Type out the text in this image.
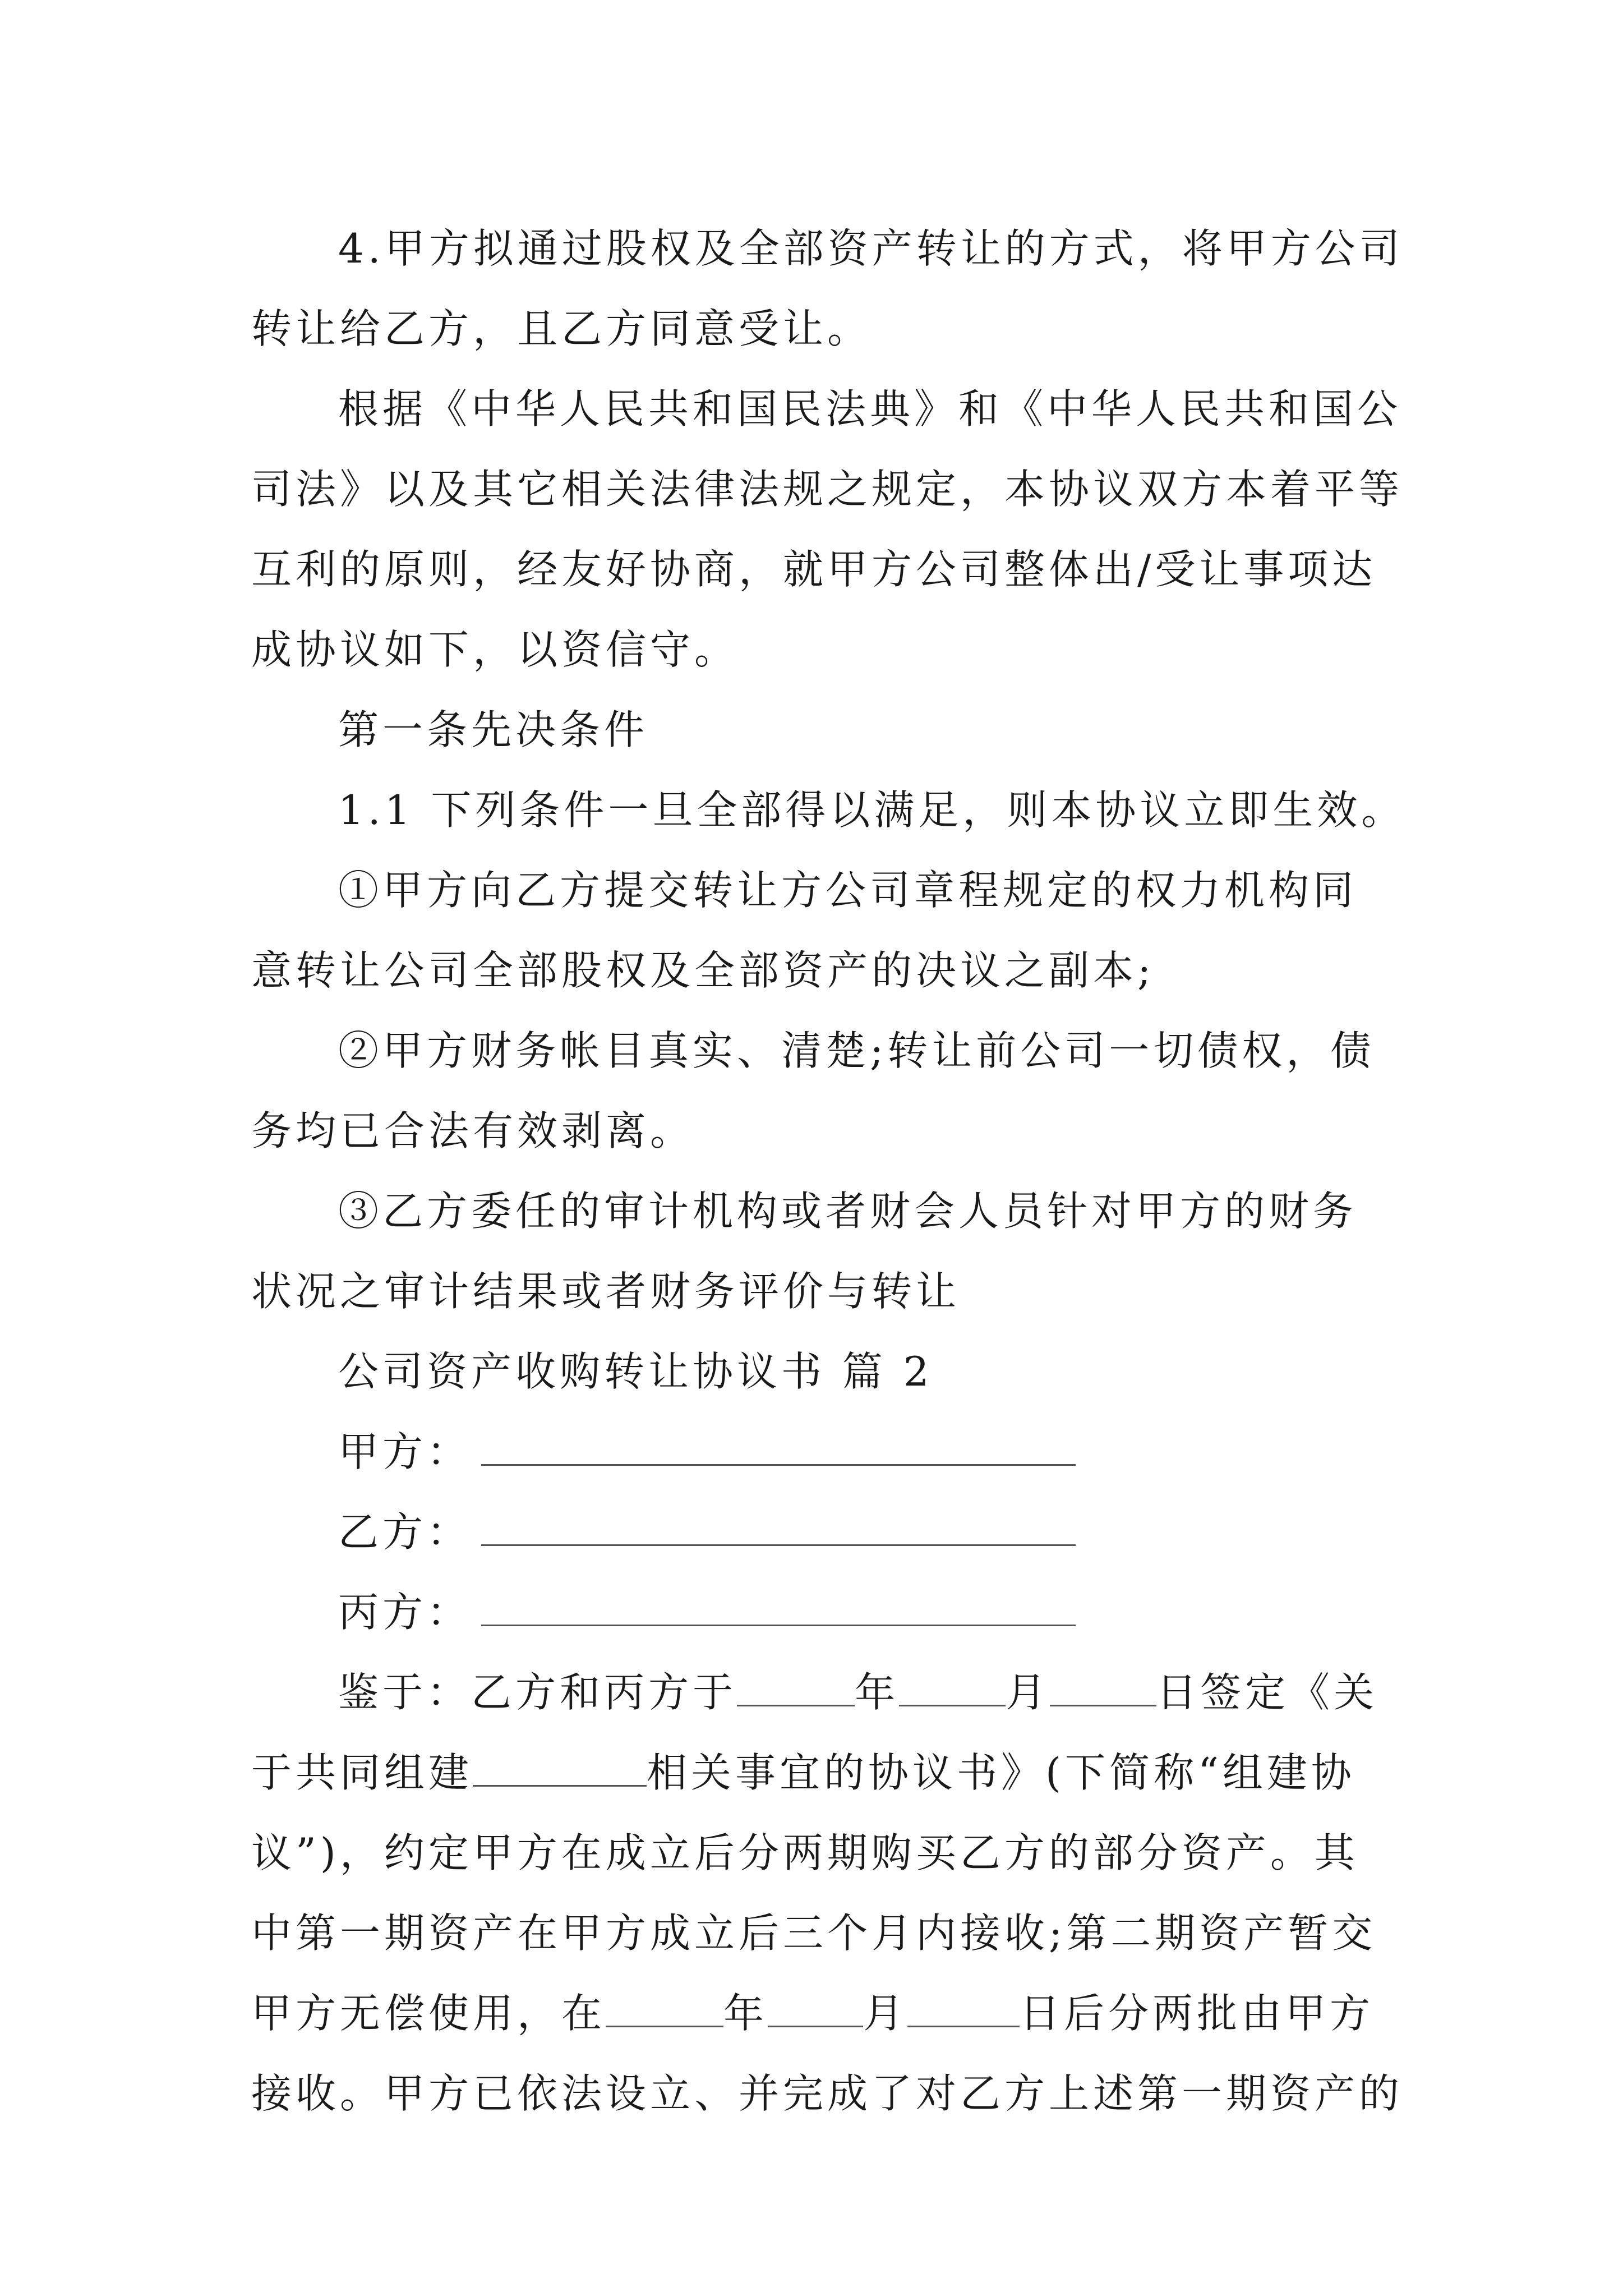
4.甲方拟通过股权及全部资产转让的方式，将甲方公司
转让给乙方，且乙方同意受让。
根据《中华人民共和国民法典》和《中华人民共和国公
司法》以及其它相关法律法规之规定，本协议双方本着平等
互利的原则，经友好协商，就甲方公司整体出/受让事项达
成协议如下，以资信守。
第一条先决条件
1.1 下列条件一旦全部得以满足，则本协议立即生效。
①甲方向乙方提交转让方公司章程规定的权力机构同
意转让公司全部股权及全部资产的决议之副本;
②甲方财务帐目真实、清楚;转让前公司一切债权，债
务均已合法有效剥离。
③乙方委任的审计机构或者财会人员针对甲方的财务
状况之审计结果或者财务评价与转让
公司资产收购转让协议书 篇 2
甲方：
乙方：
丙方：
鉴于：乙方和丙方于	年	月	日签定《关
于共同组建	相关事宜的协议书》(下简称“组建协
议”)，约定甲方在成立后分两期购买乙方的部分资产。其
中第一期资产在甲方成立后三个月内接收;第二期资产暂交
甲方无偿使用，在	年 月	日后分两批由甲方
接收。甲方已依法设立、并完成了对乙方上述第一期资产的
